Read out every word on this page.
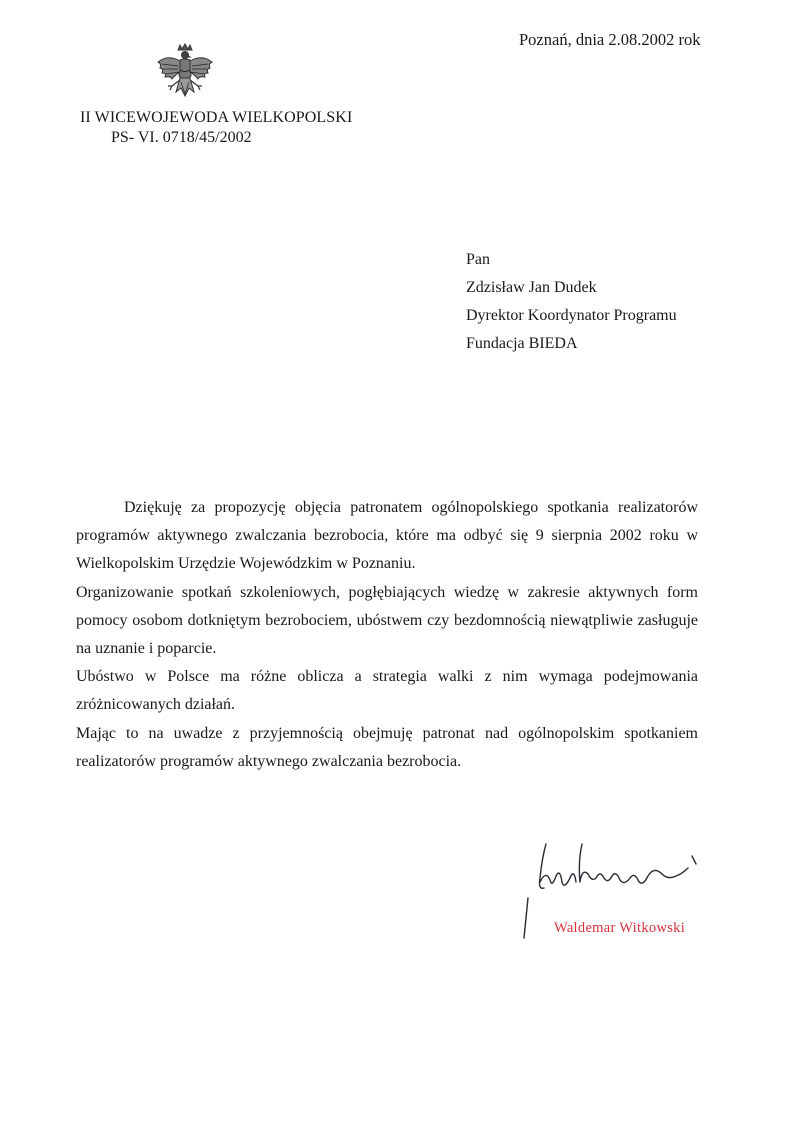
Poznań, dnia 2.08.2002 rok
II WICEWOJEWODA WIELKOPOLSKI
PS- VI. 0718/45/2002
Pan
Zdzisław Jan Dudek
Dyrektor Koordynator Programu
Fundacja BIEDA

Dziękuję za propozycję objęcia patronatem ogólnopolskiego spotkania realizatorów programów aktywnego zwalczania bezrobocia, które ma odbyć się 9 sierpnia 2002 roku w Wielkopolskim Urzędzie Wojewódzkim w Poznaniu.

Organizowanie spotkań szkoleniowych, pogłębiających wiedzę w zakresie aktywnych form pomocy osobom dotkniętym bezrobociem, ubóstwem czy bezdomnością niewątpliwie zasługuje na uznanie i poparcie.

Ubóstwo w Polsce ma różne oblicza a strategia walki z nim wymaga podejmowania zróżnicowanych działań.

Mając to na uwadze z przyjemnością obejmuję patronat nad ogólnopolskim spotkaniem realizatorów programów aktywnego zwalczania bezrobocia.

Waldemar Witkowski
